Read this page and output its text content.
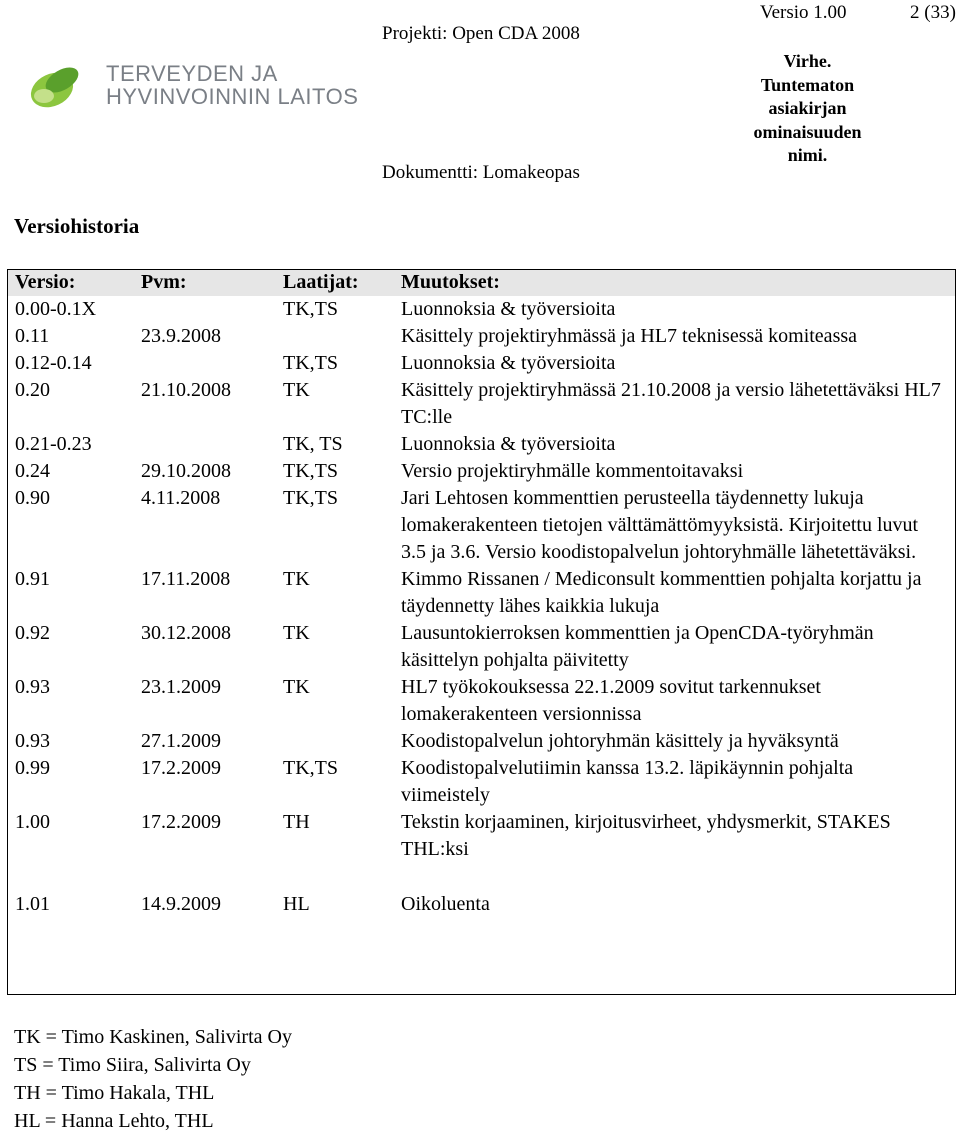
TERVEYDEN JA
HYVINVOINNIN LAITOS
Projekti: Open CDA 2008
Versio 1.00	2 (33)
Virhe.
Tuntematon
asiakirjan
ominaisuuden
nimi.
Dokumentti: Lomakeopas
Versiohistoria
Versio:	Pvm:	Laatijat:	Muutokset:
0.00-0.1X		TK,TS	Luonnoksia & työversioita
0.11	23.9.2008		Käsittely projektiryhmässä ja HL7 teknisessä komiteassa
0.12-0.14		TK,TS	Luonnoksia & työversioita
0.20	21.10.2008	TK	Käsittely projektiryhmässä 21.10.2008 ja versio lähetettäväksi HL7 TC:lle
0.21-0.23		TK, TS	Luonnoksia & työversioita
0.24	29.10.2008	TK,TS	Versio projektiryhmälle kommentoitavaksi
0.90	4.11.2008	TK,TS	Jari Lehtosen kommenttien perusteella täydennetty lukuja lomakerakenteen tietojen välttämättömyyksistä. Kirjoitettu luvut 3.5 ja 3.6. Versio koodistopalvelun johtoryhmälle lähetettäväksi.
0.91	17.11.2008	TK	Kimmo Rissanen / Mediconsult kommenttien pohjalta korjattu ja täydennetty lähes kaikkia lukuja
0.92	30.12.2008	TK	Lausuntokierroksen kommenttien ja OpenCDA-työryhmän käsittelyn pohjalta päivitetty
0.93	23.1.2009	TK	HL7 työkokouksessa 22.1.2009 sovitut tarkennukset lomakerakenteen versionnissa
0.93	27.1.2009		Koodistopalvelun johtoryhmän käsittely ja hyväksyntä
0.99	17.2.2009	TK,TS	Koodistopalvelutiimin kanssa 13.2. läpikäynnin pohjalta viimeistely
1.00	17.2.2009	TH	Tekstin korjaaminen, kirjoitusvirheet, yhdysmerkit, STAKES THL:ksi

1.01	14.9.2009	HL	Oikoluenta
TK = Timo Kaskinen, Salivirta Oy
TS = Timo Siira, Salivirta Oy
TH = Timo Hakala, THL
HL = Hanna Lehto, THL
